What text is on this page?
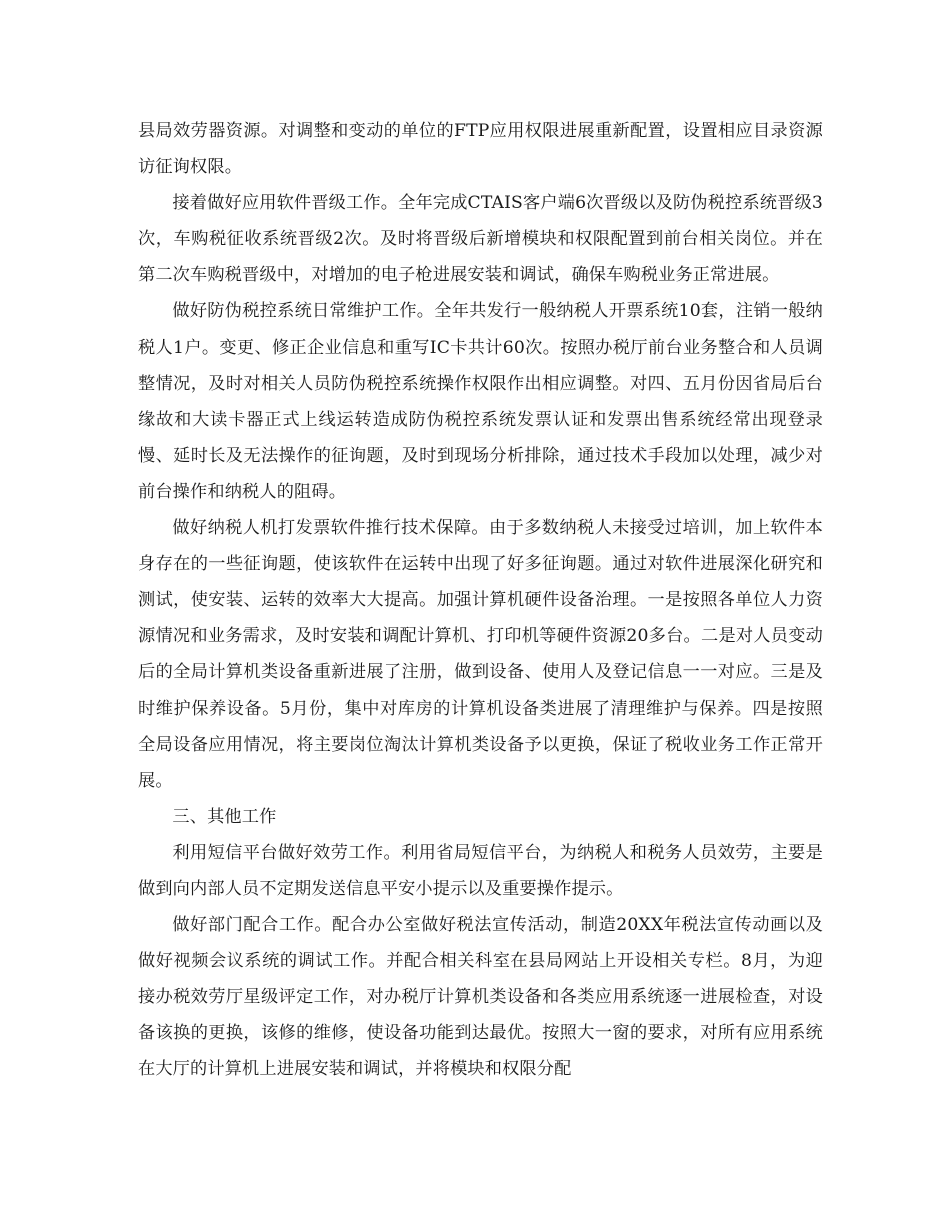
县局效劳器资源。对调整和变动的单位的FTP应用权限进展重新配置，设置相应目录资源访征询权限。

接着做好应用软件晋级工作。全年完成CTAIS客户端6次晋级以及防伪税控系统晋级3次，车购税征收系统晋级2次。及时将晋级后新增模块和权限配置到前台相关岗位。并在第二次车购税晋级中，对增加的电子枪进展安装和调试，确保车购税业务正常进展。

做好防伪税控系统日常维护工作。全年共发行一般纳税人开票系统10套，注销一般纳税人1户。变更、修正企业信息和重写IC卡共计60次。按照办税厅前台业务整合和人员调整情况，及时对相关人员防伪税控系统操作权限作出相应调整。对四、五月份因省局后台缘故和大读卡器正式上线运转造成防伪税控系统发票认证和发票出售系统经常出现登录慢、延时长及无法操作的征询题，及时到现场分析排除，通过技术手段加以处理，减少对前台操作和纳税人的阻碍。

做好纳税人机打发票软件推行技术保障。由于多数纳税人未接受过培训，加上软件本身存在的一些征询题，使该软件在运转中出现了好多征询题。通过对软件进展深化研究和测试，使安装、运转的效率大大提高。加强计算机硬件设备治理。一是按照各单位人力资源情况和业务需求，及时安装和调配计算机、打印机等硬件资源20多台。二是对人员变动后的全局计算机类设备重新进展了注册，做到设备、使用人及登记信息一一对应。三是及时维护保养设备。5月份，集中对库房的计算机设备类进展了清理维护与保养。四是按照全局设备应用情况，将主要岗位淘汰计算机类设备予以更换，保证了税收业务工作正常开展。

三、其他工作

利用短信平台做好效劳工作。利用省局短信平台，为纳税人和税务人员效劳，主要是做到向内部人员不定期发送信息平安小提示以及重要操作提示。

做好部门配合工作。配合办公室做好税法宣传活动，制造20XX年税法宣传动画以及做好视频会议系统的调试工作。并配合相关科室在县局网站上开设相关专栏。8月，为迎接办税效劳厅星级评定工作，对办税厅计算机类设备和各类应用系统逐一进展检查，对设备该换的更换，该修的维修，使设备功能到达最优。按照大一窗的要求，对所有应用系统在大厅的计算机上进展安装和调试，并将模块和权限分配
